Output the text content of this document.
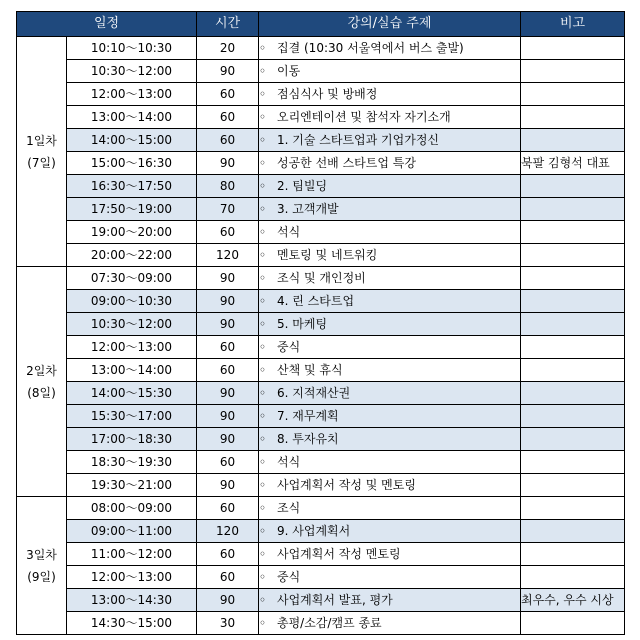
일정		시간	강의/실습 주제	비고

1일차
(7일)	10:10～10:30	20	◦ 집결 (10:30 서울역에서 버스 출발)	
	10:30～12:00	90	◦ 이동	
	12:00～13:00	60	◦ 점심식사 및 방배정	
	13:00～14:00	60	◦ 오리엔테이션 및 참석자 자기소개	
	14:00～15:00	60	◦ 1. 기술 스타트업과 기업가정신	
	15:00～16:30	90	◦ 성공한 선배 스타트업 특강	북팔 김형석 대표
	16:30～17:50	80	◦ 2. 팀빌딩	
	17:50～19:00	70	◦ 3. 고객개발	
	19:00～20:00	60	◦ 석식	
	20:00～22:00	120	◦ 멘토링 및 네트워킹	

2일차
(8일)	07:30～09:00	90	◦ 조식 및 개인정비	
	09:00～10:30	90	◦ 4. 린 스타트업	
	10:30～12:00	90	◦ 5. 마케팅	
	12:00～13:00	60	◦ 중식	
	13:00～14:00	60	◦ 산책 및 휴식	
	14:00～15:30	90	◦ 6. 지적재산권	
	15:30～17:00	90	◦ 7. 재무계획	
	17:00～18:30	90	◦ 8. 투자유치	
	18:30～19:30	60	◦ 석식	
	19:30～21:00	90	◦ 사업계획서 작성 및 멘토링	

3일차
(9일)	08:00～09:00	60	◦ 조식	
	09:00～11:00	120	◦ 9. 사업계획서	
	11:00～12:00	60	◦ 사업계획서 작성 멘토링	
	12:00～13:00	60	◦ 중식	
	13:00～14:30	90	◦ 사업계획서 발표, 평가	최우수, 우수 시상
	14:30～15:00	30	◦ 총평/소감/캠프 종료	
